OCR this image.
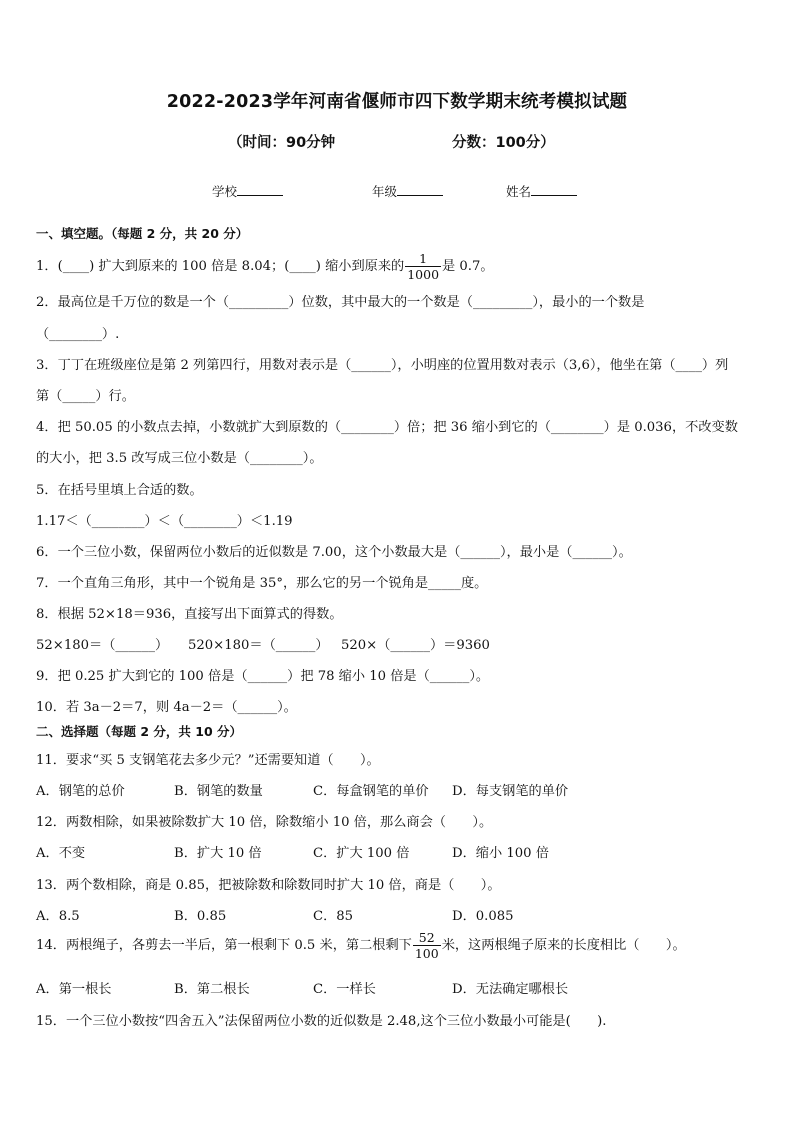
2022-2023学年河南省偃师市四下数学期末统考模拟试题
（时间：90分钟	分数：100分）
学校	年级	姓名
一、填空题。（每题 2 分，共 20 分）
1．(____) 扩大到原来的 100 倍是 8.04；(____) 缩小到原来的 $\frac{1}{1000}$ 是 0.7。
2．最高位是千万位的数是一个（_________）位数，其中最大的一个数是（_________），最小的一个数是
（________）.
3．丁丁在班级座位是第 2 列第四行，用数对表示是（______），小明座的位置用数对表示（3,6），他坐在第（____）列
第（_____）行。
4．把 50.05 的小数点去掉，小数就扩大到原数的（________）倍；把 36 缩小到它的（________）是 0.036，不改变数
的大小，把 3.5 改写成三位小数是（________）。
5．在括号里填上合适的数。
1.17＜（________）＜（________）＜1.19
6．一个三位小数，保留两位小数后的近似数是 7.00，这个小数最大是（______），最小是（______）。
7．一个直角三角形，其中一个锐角是 35°，那么它的另一个锐角是_____度。
8．根据 52×18＝936，直接写出下面算式的得数。
52×180＝（______） 520×180＝（______） 520×（______）＝9360
9．把 0.25 扩大到它的 100 倍是（______）把 78 缩小 10 倍是（______）。
10．若 3a－2＝7，则 4a－2＝（______）。
二、选择题（每题 2 分，共 10 分）
11．要求“买 5 支钢笔花去多少元？”还需要知道（　　）。
A．钢笔的总价	B．钢笔的数量	C．每盒钢笔的单价 D．每支钢笔的单价
12．两数相除，如果被除数扩大 10 倍，除数缩小 10 倍，那么商会（　　）。
A．不变	B．扩大 10 倍	C．扩大 100 倍	D．缩小 100 倍
13．两个数相除，商是 0.85，把被除数和除数同时扩大 10 倍，商是（　　）。
A．8.5	B．0.85	C．85	D．0.085
14．两根绳子，各剪去一半后，第一根剩下 0.5 米，第二根剩下 $\frac{52}{100}$ 米，这两根绳子原来的长度相比（　　）。
A．第一根长	B．第二根长	C．一样长	D．无法确定哪根长
15．一个三位小数按“四舍五入”法保留两位小数的近似数是 2.48,这个三位小数最小可能是(　　).
